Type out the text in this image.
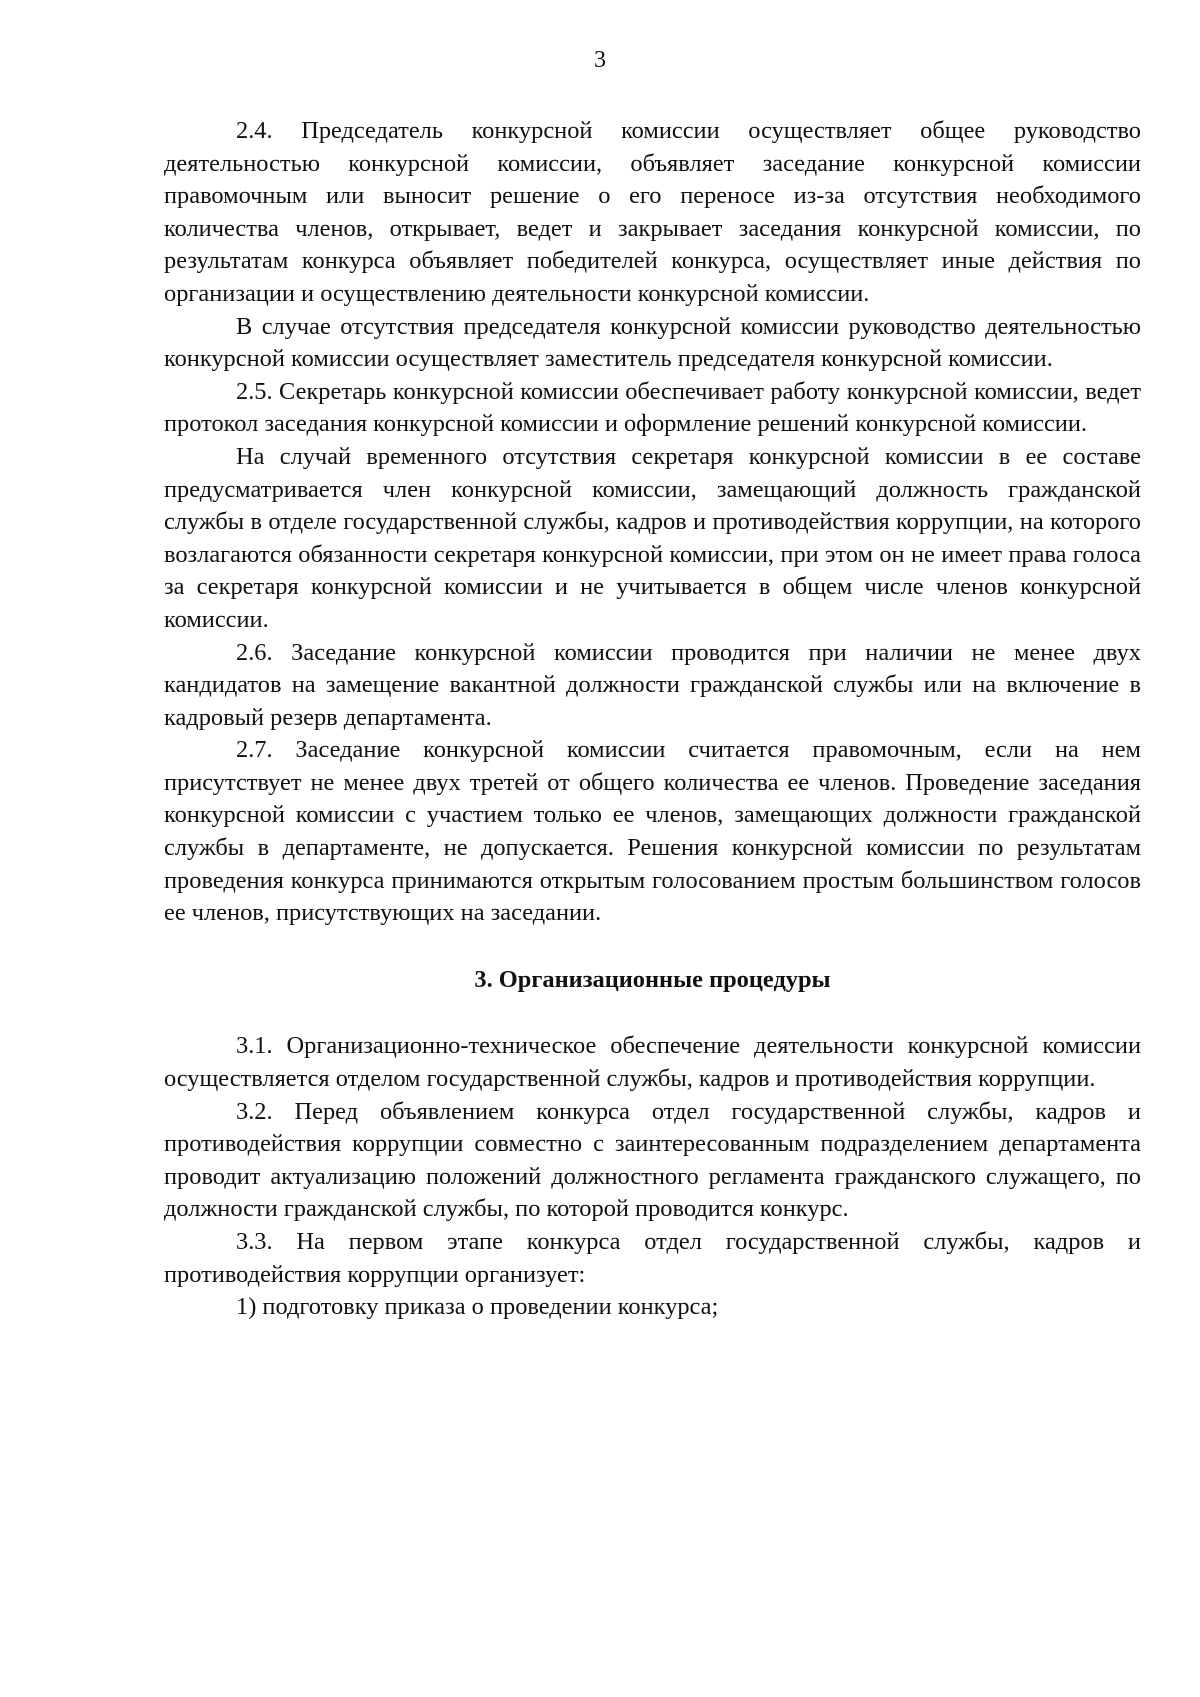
3

2.4. Председатель конкурсной комиссии осуществляет общее руководство деятельностью конкурсной комиссии, объявляет заседание конкурсной комиссии правомочным или выносит решение о его переносе из-за отсутствия необходимого количества членов, открывает, ведет и закрывает заседания конкурсной комиссии, по результатам конкурса объявляет победителей конкурса, осуществляет иные действия по организации и осуществлению деятельности конкурсной комиссии.

В случае отсутствия председателя конкурсной комиссии руководство деятельностью конкурсной комиссии осуществляет заместитель председателя конкурсной комиссии.

2.5. Секретарь конкурсной комиссии обеспечивает работу конкурсной комиссии, ведет протокол заседания конкурсной комиссии и оформление решений конкурсной комиссии.

На случай временного отсутствия секретаря конкурсной комиссии в ее составе предусматривается член конкурсной комиссии, замещающий должность гражданской службы в отделе государственной службы, кадров и противодействия коррупции, на которого возлагаются обязанности секретаря конкурсной комиссии, при этом он не имеет права голоса за секретаря конкурсной комиссии и не учитывается в общем числе членов конкурсной комиссии.

2.6. Заседание конкурсной комиссии проводится при наличии не менее двух кандидатов на замещение вакантной должности гражданской службы или на включение в кадровый резерв департамента.

2.7. Заседание конкурсной комиссии считается правомочным, если на нем присутствует не менее двух третей от общего количества ее членов. Проведение заседания конкурсной комиссии с участием только ее членов, замещающих должности гражданской службы в департаменте, не допускается. Решения конкурсной комиссии по результатам проведения конкурса принимаются открытым голосованием простым большинством голосов ее членов, присутствующих на заседании.

3. Организационные процедуры

3.1. Организационно-техническое обеспечение деятельности конкурсной комиссии осуществляется отделом государственной службы, кадров и противодействия коррупции.

3.2. Перед объявлением конкурса отдел государственной службы, кадров и противодействия коррупции совместно с заинтересованным подразделением департамента проводит актуализацию положений должностного регламента гражданского служащего, по должности гражданской службы, по которой проводится конкурс.

3.3. На первом этапе конкурса отдел государственной службы, кадров и противодействия коррупции организует:

1) подготовку приказа о проведении конкурса;
